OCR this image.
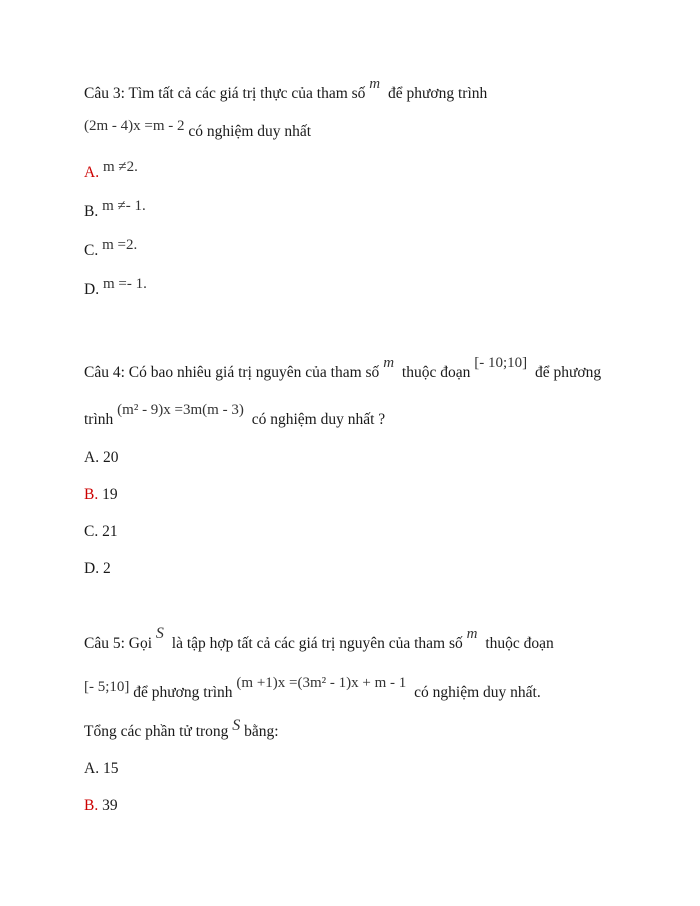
Câu 3: Tìm tất cả các giá trị thực của tham số m để phương trình
(2m - 4)x =m - 2 có nghiệm duy nhất
A. m ≠2.
B. m ≠- 1.
C. m =2.
D. m =- 1.
Câu 4: Có bao nhiêu giá trị nguyên của tham số m thuộc đoạn [- 10;10] để phương
trình (m² - 9)x =3m(m - 3) có nghiệm duy nhất ?
A. 20
B. 19
C. 21
D. 2
Câu 5: Gọi S là tập hợp tất cả các giá trị nguyên của tham số m thuộc đoạn
[- 5;10] để phương trình (m +1)x =(3m² - 1)x + m - 1 có nghiệm duy nhất.
Tổng các phần tử trong S bằng:
A. 15
B. 39
